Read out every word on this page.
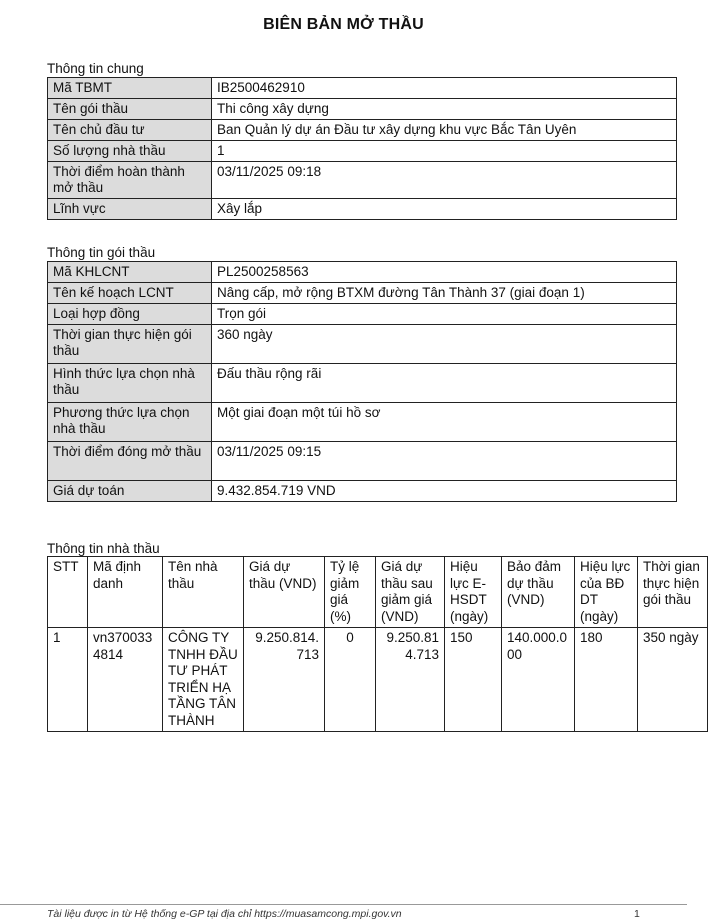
BIÊN BẢN MỞ THẦU
Thông tin chung
Mã TBMT	IB2500462910
Tên gói thầu	Thi công xây dựng
Tên chủ đầu tư	Ban Quản lý dự án Đầu tư xây dựng khu vực Bắc Tân Uyên
Số lượng nhà thầu	1
Thời điểm hoàn thành mở thầu	03/11/2025 09:18
Lĩnh vực	Xây lắp
Thông tin gói thầu
Mã KHLCNT	PL2500258563
Tên kế hoạch LCNT	Nâng cấp, mở rộng BTXM đường Tân Thành 37 (giai đoạn 1)
Loại hợp đồng	Trọn gói
Thời gian thực hiện gói thầu	360 ngày
Hình thức lựa chọn nhà thầu	Đấu thầu rộng rãi
Phương thức lựa chọn nhà thầu	Một giai đoạn một túi hồ sơ
Thời điểm đóng mở thầu	03/11/2025 09:15
Giá dự toán	9.432.854.719 VND
Thông tin nhà thầu
STT	Mã định danh	Tên nhà thầu	Giá dự thầu (VND)	Tỷ lệ giảm giá (%)	Giá dự thầu sau giảm giá (VND)	Hiệu lực E-HSDT (ngày)	Bảo đảm dự thầu (VND)	Hiệu lực của BĐ DT (ngày)	Thời gian thực hiện gói thầu
1	vn3700334814	CÔNG TY TNHH ĐẦU TƯ PHÁT TRIỂN HẠ TẦNG TÂN THÀNH	9.250.814.713	0	9.250.814.713	150	140.000.000	180	350 ngày
Tài liệu được in từ Hệ thống e-GP tại địa chỉ https://muasamcong.mpi.gov.vn	1
